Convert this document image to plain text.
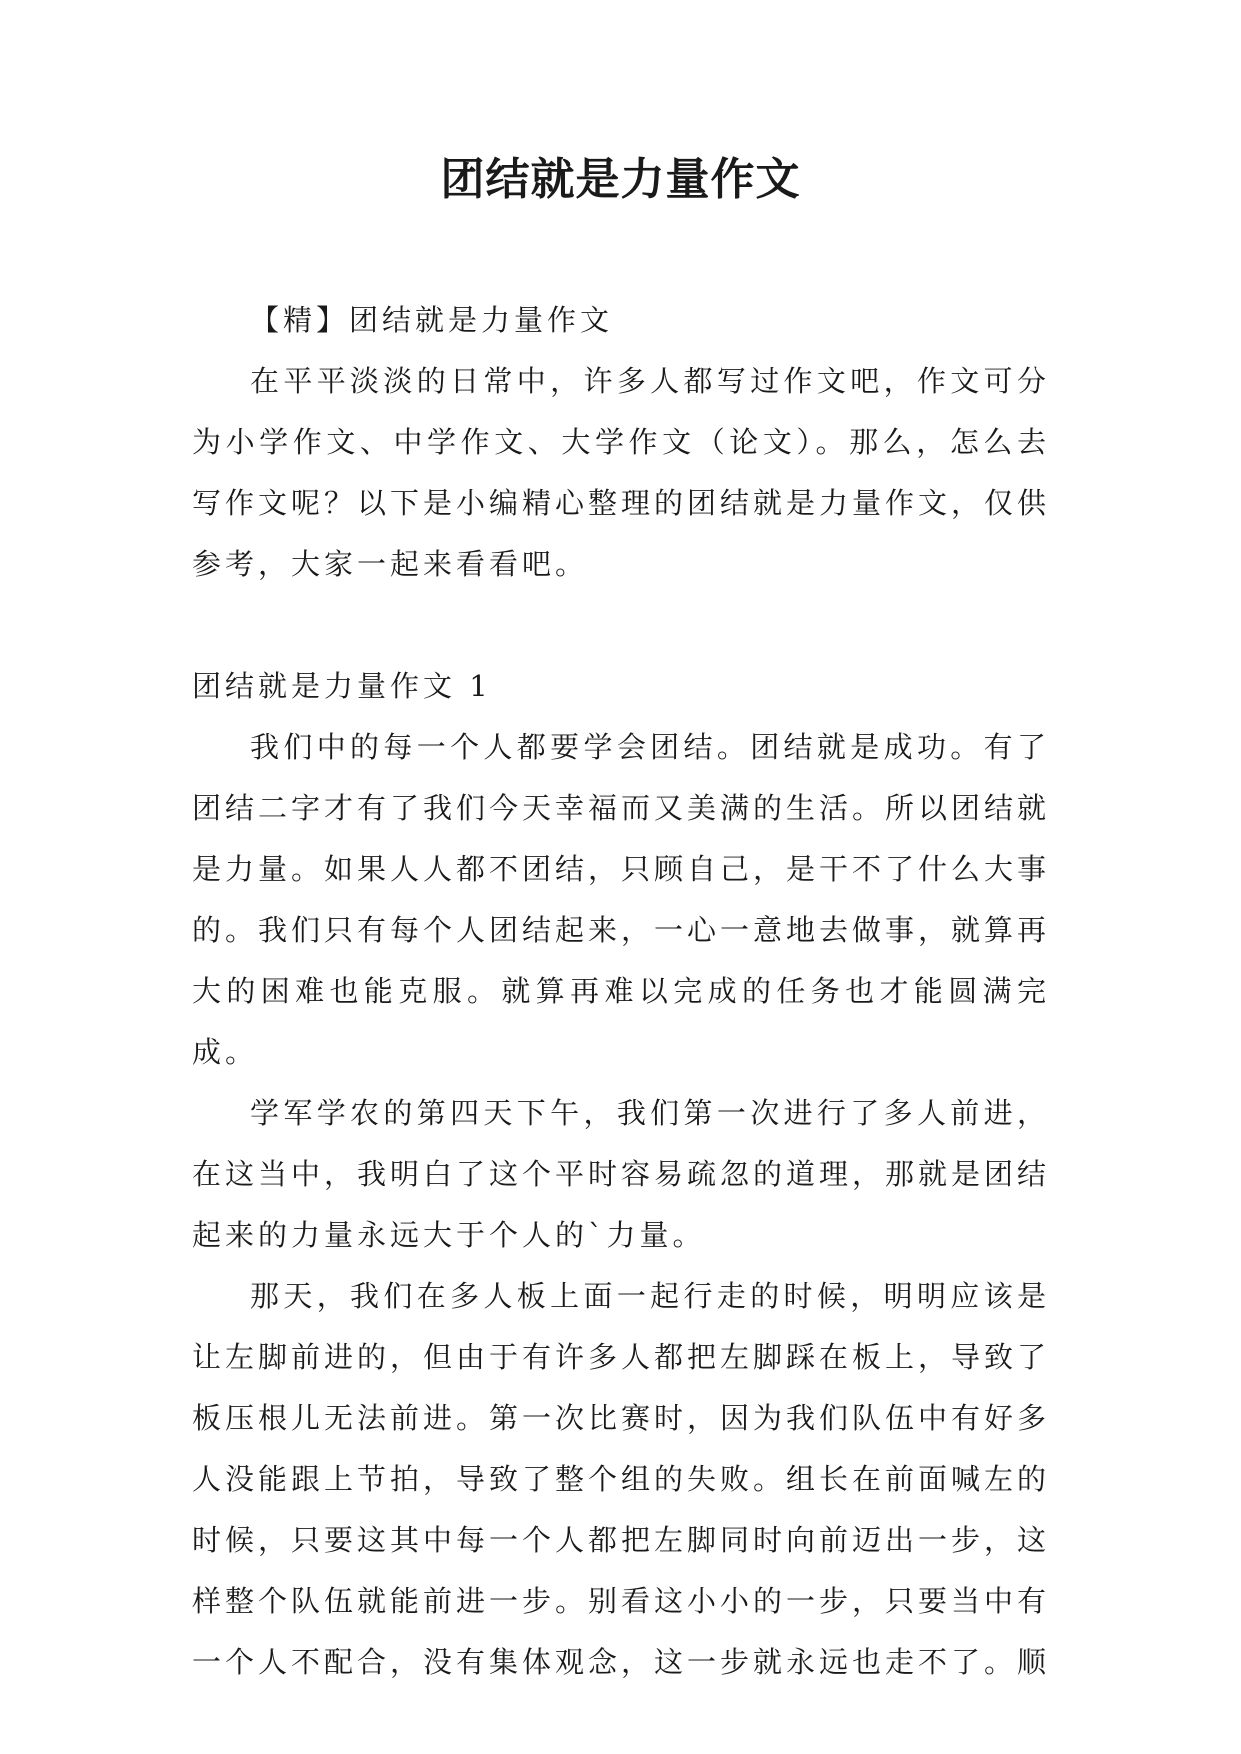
团结就是力量作文

【精】团结就是力量作文

在平平淡淡的日常中，许多人都写过作文吧，作文可分为小学作文、中学作文、大学作文（论文）。那么，怎么去写作文呢？以下是小编精心整理的团结就是力量作文，仅供参考，大家一起来看看吧。

团结就是力量作文 1

我们中的每一个人都要学会团结。团结就是成功。有了团结二字才有了我们今天幸福而又美满的生活。所以团结就是力量。如果人人都不团结，只顾自己，是干不了什么大事的。我们只有每个人团结起来，一心一意地去做事，就算再大的困难也能克服。就算再难以完成的任务也才能圆满完成。

学军学农的第四天下午，我们第一次进行了多人前进，在这当中，我明白了这个平时容易疏忽的道理，那就是团结起来的力量永远大于个人的`力量。

那天，我们在多人板上面一起行走的时候，明明应该是让左脚前进的，但由于有许多人都把左脚踩在板上，导致了板压根儿无法前进。第一次比赛时，因为我们队伍中有好多人没能跟上节拍，导致了整个组的失败。组长在前面喊左的时候，只要这其中每一个人都把左脚同时向前迈出一步，这样整个队伍就能前进一步。别看这小小的一步，只要当中有一个人不配合，没有集体观念，这一步就永远也走不了。顺
